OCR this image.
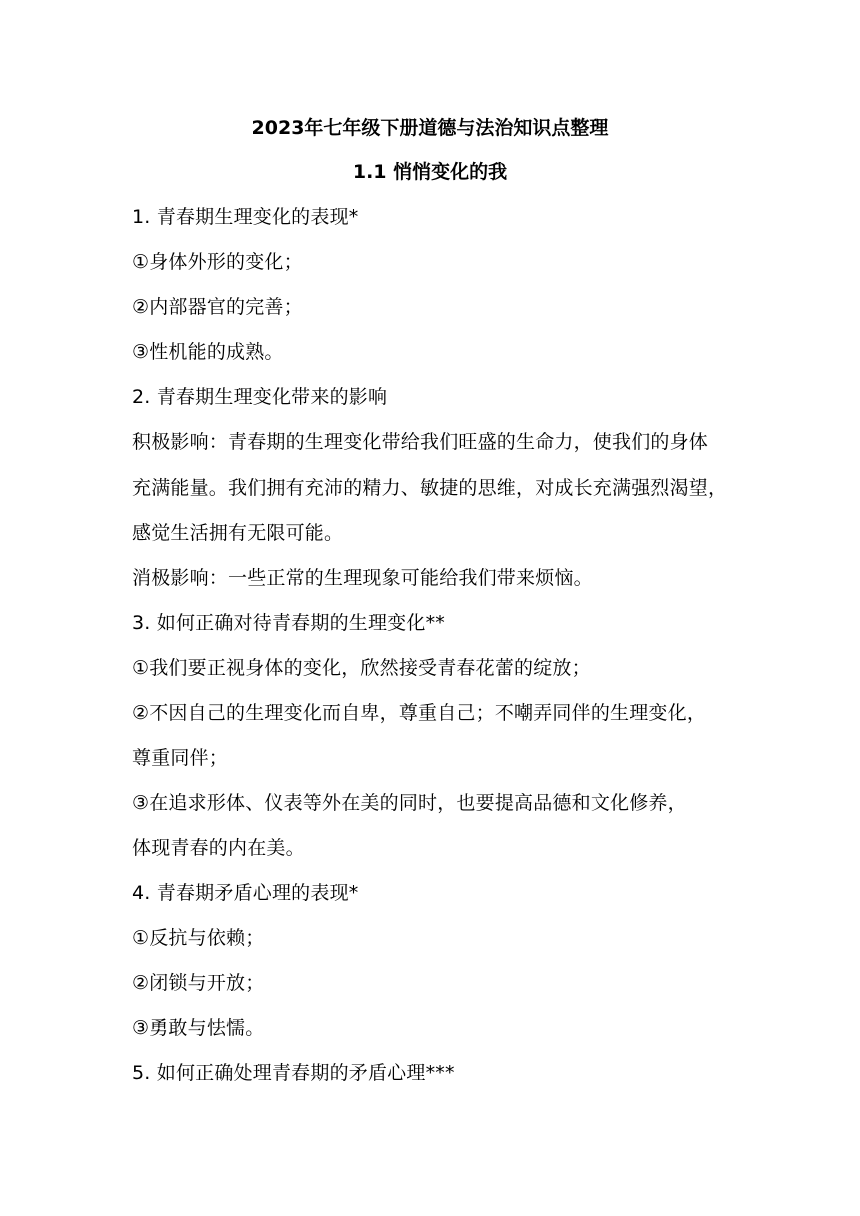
2023年七年级下册道德与法治知识点整理
1.1 悄悄变化的我
1. 青春期生理变化的表现*
①身体外形的变化；
②内部器官的完善；
③性机能的成熟。
2. 青春期生理变化带来的影响
积极影响：青春期的生理变化带给我们旺盛的生命力，使我们的身体
充满能量。我们拥有充沛的精力、敏捷的思维，对成长充满强烈渴望，
感觉生活拥有无限可能。
消极影响：一些正常的生理现象可能给我们带来烦恼。
3. 如何正确对待青春期的生理变化**
①我们要正视身体的变化，欣然接受青春花蕾的绽放；
②不因自己的生理变化而自卑，尊重自己；不嘲弄同伴的生理变化，
尊重同伴；
③在追求形体、仪表等外在美的同时，也要提高品德和文化修养，
体现青春的内在美。
4. 青春期矛盾心理的表现*
①反抗与依赖；
②闭锁与开放；
③勇敢与怯懦。
5. 如何正确处理青春期的矛盾心理***
